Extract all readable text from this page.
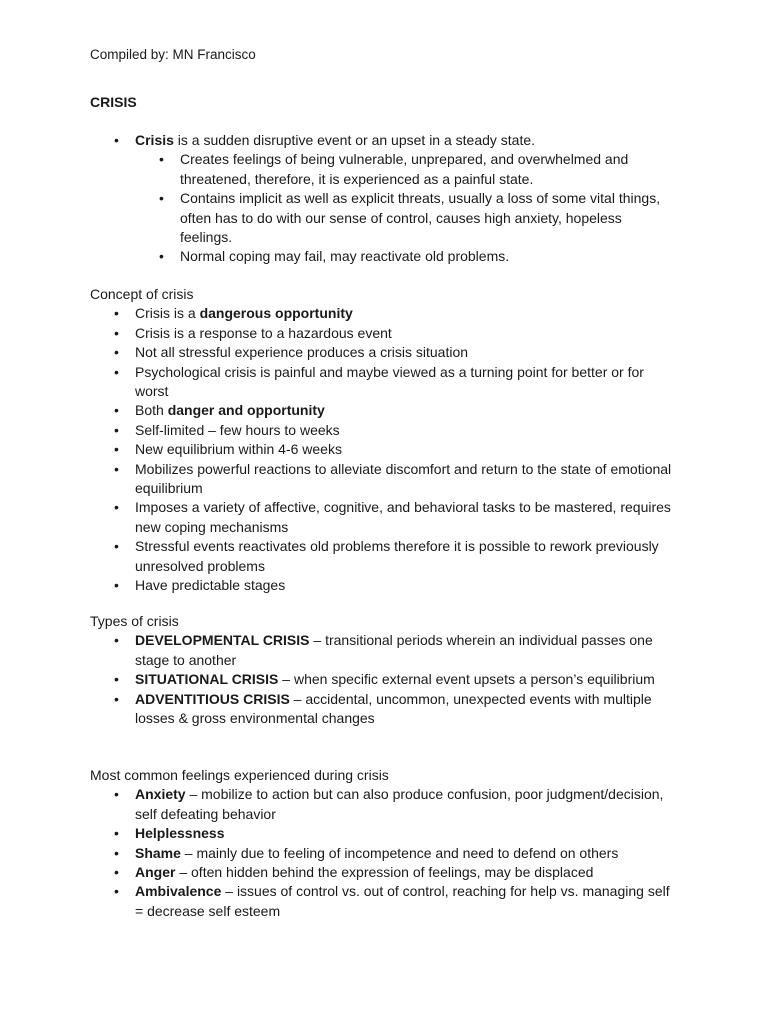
Compiled by: MN Francisco
CRISIS
• Crisis is a sudden disruptive event or an upset in a steady state.
• Creates feelings of being vulnerable, unprepared, and overwhelmed and threatened, therefore, it is experienced as a painful state.
• Contains implicit as well as explicit threats, usually a loss of some vital things, often has to do with our sense of control, causes high anxiety, hopeless feelings.
• Normal coping may fail, may reactivate old problems.
Concept of crisis
• Crisis is a dangerous opportunity
• Crisis is a response to a hazardous event
• Not all stressful experience produces a crisis situation
• Psychological crisis is painful and maybe viewed as a turning point for better or for worst
• Both danger and opportunity
• Self-limited – few hours to weeks
• New equilibrium within 4-6 weeks
• Mobilizes powerful reactions to alleviate discomfort and return to the state of emotional equilibrium
• Imposes a variety of affective, cognitive, and behavioral tasks to be mastered, requires new coping mechanisms
• Stressful events reactivates old problems therefore it is possible to rework previously unresolved problems
• Have predictable stages
Types of crisis
• DEVELOPMENTAL CRISIS – transitional periods wherein an individual passes one stage to another
• SITUATIONAL CRISIS – when specific external event upsets a person’s equilibrium
• ADVENTITIOUS CRISIS – accidental, uncommon, unexpected events with multiple losses & gross environmental changes
Most common feelings experienced during crisis
• Anxiety – mobilize to action but can also produce confusion, poor judgment/decision, self defeating behavior
• Helplessness
• Shame – mainly due to feeling of incompetence and need to defend on others
• Anger – often hidden behind the expression of feelings, may be displaced
• Ambivalence – issues of control vs. out of control, reaching for help vs. managing self = decrease self esteem
